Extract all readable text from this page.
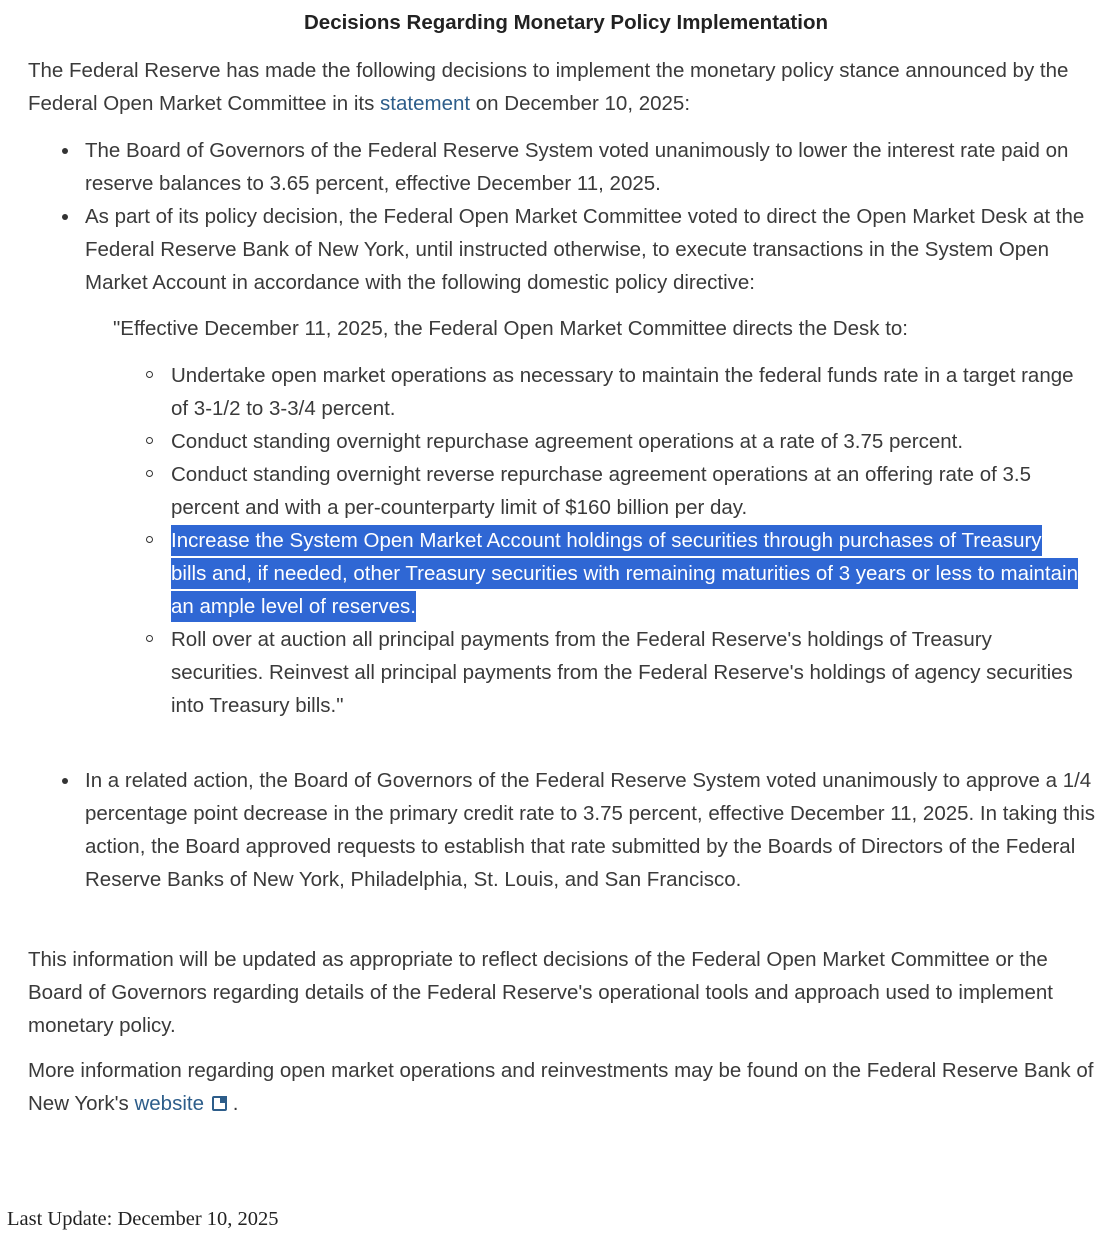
Decisions Regarding Monetary Policy Implementation

The Federal Reserve has made the following decisions to implement the monetary policy stance announced by the Federal Open Market Committee in its statement on December 10, 2025:

The Board of Governors of the Federal Reserve System voted unanimously to lower the interest rate paid on reserve balances to 3.65 percent, effective December 11, 2025.
As part of its policy decision, the Federal Open Market Committee voted to direct the Open Market Desk at the Federal Reserve Bank of New York, until instructed otherwise, to execute transactions in the System Open Market Account in accordance with the following domestic policy directive:

"Effective December 11, 2025, the Federal Open Market Committee directs the Desk to:

Undertake open market operations as necessary to maintain the federal funds rate in a target range of 3-1/2 to 3-3/4 percent.
Conduct standing overnight repurchase agreement operations at a rate of 3.75 percent.
Conduct standing overnight reverse repurchase agreement operations at an offering rate of 3.5 percent and with a per-counterparty limit of $160 billion per day.
Increase the System Open Market Account holdings of securities through purchases of Treasury bills and, if needed, other Treasury securities with remaining maturities of 3 years or less to maintain an ample level of reserves.
Roll over at auction all principal payments from the Federal Reserve's holdings of Treasury securities. Reinvest all principal payments from the Federal Reserve's holdings of agency securities into Treasury bills."
In a related action, the Board of Governors of the Federal Reserve System voted unanimously to approve a 1/4 percentage point decrease in the primary credit rate to 3.75 percent, effective December 11, 2025. In taking this action, the Board approved requests to establish that rate submitted by the Boards of Directors of the Federal Reserve Banks of New York, Philadelphia, St. Louis, and San Francisco.

This information will be updated as appropriate to reflect decisions of the Federal Open Market Committee or the Board of Governors regarding details of the Federal Reserve's operational tools and approach used to implement monetary policy.

More information regarding open market operations and reinvestments may be found on the Federal Reserve Bank of New York's website .

Last Update: December 10, 2025
